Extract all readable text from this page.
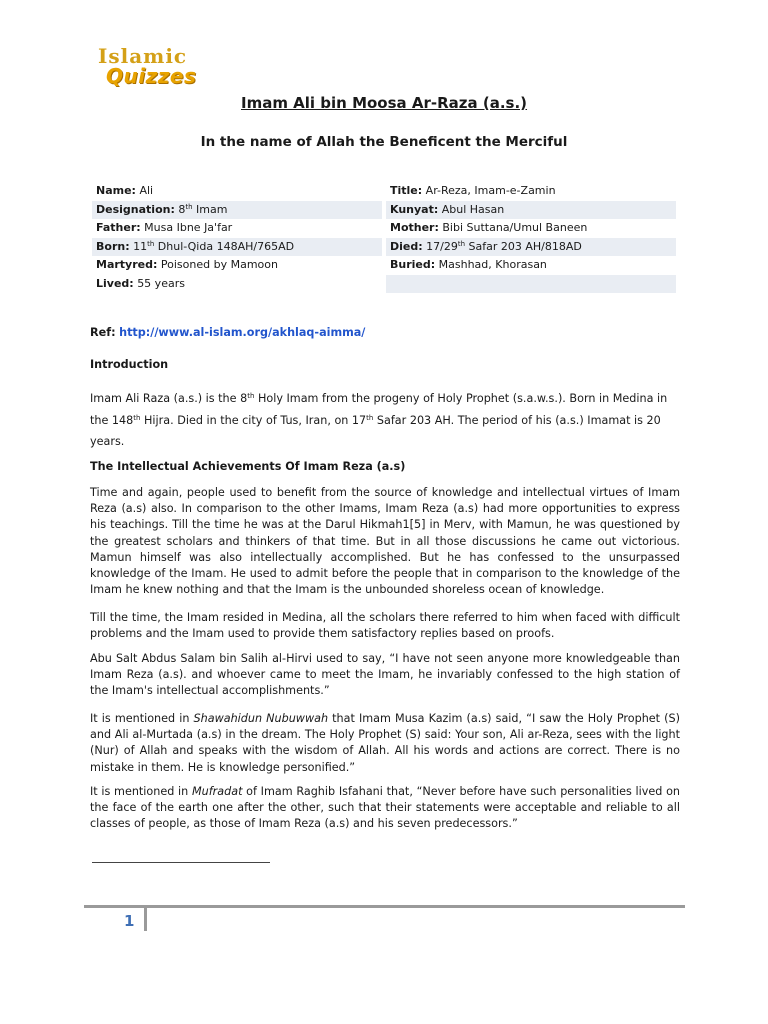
Islamic
Quizzes
Imam Ali bin Moosa Ar-Raza (a.s.)
In the name of Allah the Beneficent the Merciful
Name: Ali	Title: Ar-Reza, Imam-e-Zamin
Designation: 8th Imam	Kunyat: Abul Hasan
Father: Musa Ibne Ja'far	Mother: Bibi Suttana/Umul Baneen
Born: 11th Dhul-Qida 148AH/765AD	Died: 17/29th Safar 203 AH/818AD
Martyred: Poisoned by Mamoon	Buried: Mashhad, Khorasan
Lived: 55 years
Ref: http://www.al-islam.org/akhlaq-aimma/
Introduction
Imam Ali Raza (a.s.) is the 8th Holy Imam from the progeny of Holy Prophet (s.a.w.s.). Born in Medina in the 148th Hijra. Died in the city of Tus, Iran, on 17th Safar 203 AH. The period of his (a.s.) Imamat is 20 years.
The Intellectual Achievements Of Imam Reza (a.s)
Time and again, people used to benefit from the source of knowledge and intellectual virtues of Imam Reza (a.s) also. In comparison to the other Imams, Imam Reza (a.s) had more opportunities to express his teachings. Till the time he was at the Darul Hikmah1[5] in Merv, with Mamun, he was questioned by the greatest scholars and thinkers of that time. But in all those discussions he came out victorious. Mamun himself was also intellectually accomplished. But he has confessed to the unsurpassed knowledge of the Imam. He used to admit before the people that in comparison to the knowledge of the Imam he knew nothing and that the Imam is the unbounded shoreless ocean of knowledge.
Till the time, the Imam resided in Medina, all the scholars there referred to him when faced with difficult problems and the Imam used to provide them satisfactory replies based on proofs.
Abu Salt Abdus Salam bin Salih al-Hirvi used to say, “I have not seen anyone more knowledgeable than Imam Reza (a.s). and whoever came to meet the Imam, he invariably confessed to the high station of the Imam's intellectual accomplishments.”
It is mentioned in Shawahidun Nubuwwah that Imam Musa Kazim (a.s) said, “I saw the Holy Prophet (S) and Ali al-Murtada (a.s) in the dream. The Holy Prophet (S) said: Your son, Ali ar-Reza, sees with the light (Nur) of Allah and speaks with the wisdom of Allah. All his words and actions are correct. There is no mistake in them. He is knowledge personified.”
It is mentioned in Mufradat of Imam Raghib Isfahani that, “Never before have such personalities lived on the face of the earth one after the other, such that their statements were acceptable and reliable to all classes of people, as those of Imam Reza (a.s) and his seven predecessors.”
1
